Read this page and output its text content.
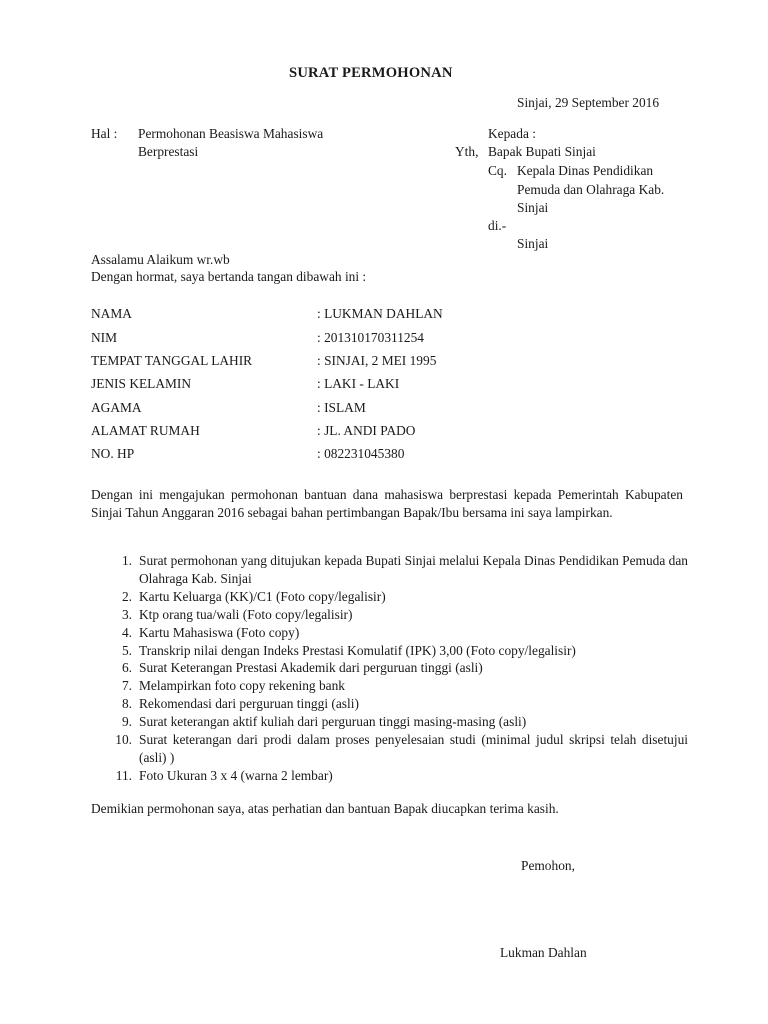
SURAT PERMOHONAN
Sinjai, 29 September 2016
Hal : Permohonan Beasiswa Mahasiswa
Berprestasi
Kepada :
Yth, Bapak Bupati Sinjai
Cq. Kepala Dinas Pendidikan
Pemuda dan Olahraga Kab.
Sinjai
di.-
Sinjai
Assalamu Alaikum wr.wb
Dengan hormat, saya bertanda tangan dibawah ini :
NAMA	: LUKMAN DAHLAN
NIM	: 201310170311254
TEMPAT TANGGAL LAHIR	: SINJAI, 2 MEI 1995
JENIS KELAMIN	: LAKI - LAKI
AGAMA	: ISLAM
ALAMAT RUMAH	: JL. ANDI PADO
NO. HP	: 082231045380
Dengan ini mengajukan permohonan bantuan dana mahasiswa berprestasi kepada Pemerintah Kabupaten Sinjai Tahun Anggaran 2016 sebagai bahan pertimbangan Bapak/Ibu bersama ini saya lampirkan.
1. Surat permohonan yang ditujukan kepada Bupati Sinjai melalui Kepala Dinas Pendidikan Pemuda dan Olahraga Kab. Sinjai
2. Kartu Keluarga (KK)/C1 (Foto copy/legalisir)
3. Ktp orang tua/wali (Foto copy/legalisir)
4. Kartu Mahasiswa (Foto copy)
5. Transkrip nilai dengan Indeks Prestasi Komulatif (IPK) 3,00 (Foto copy/legalisir)
6. Surat Keterangan Prestasi Akademik dari perguruan tinggi (asli)
7. Melampirkan foto copy rekening bank
8. Rekomendasi dari perguruan tinggi (asli)
9. Surat keterangan aktif kuliah dari perguruan tinggi masing-masing (asli)
10. Surat keterangan dari prodi dalam proses penyelesaian studi (minimal judul skripsi telah disetujui (asli) )
11. Foto Ukuran 3 x 4 (warna 2 lembar)
Demikian permohonan saya, atas perhatian dan bantuan Bapak diucapkan terima kasih.
Pemohon,
Lukman Dahlan
